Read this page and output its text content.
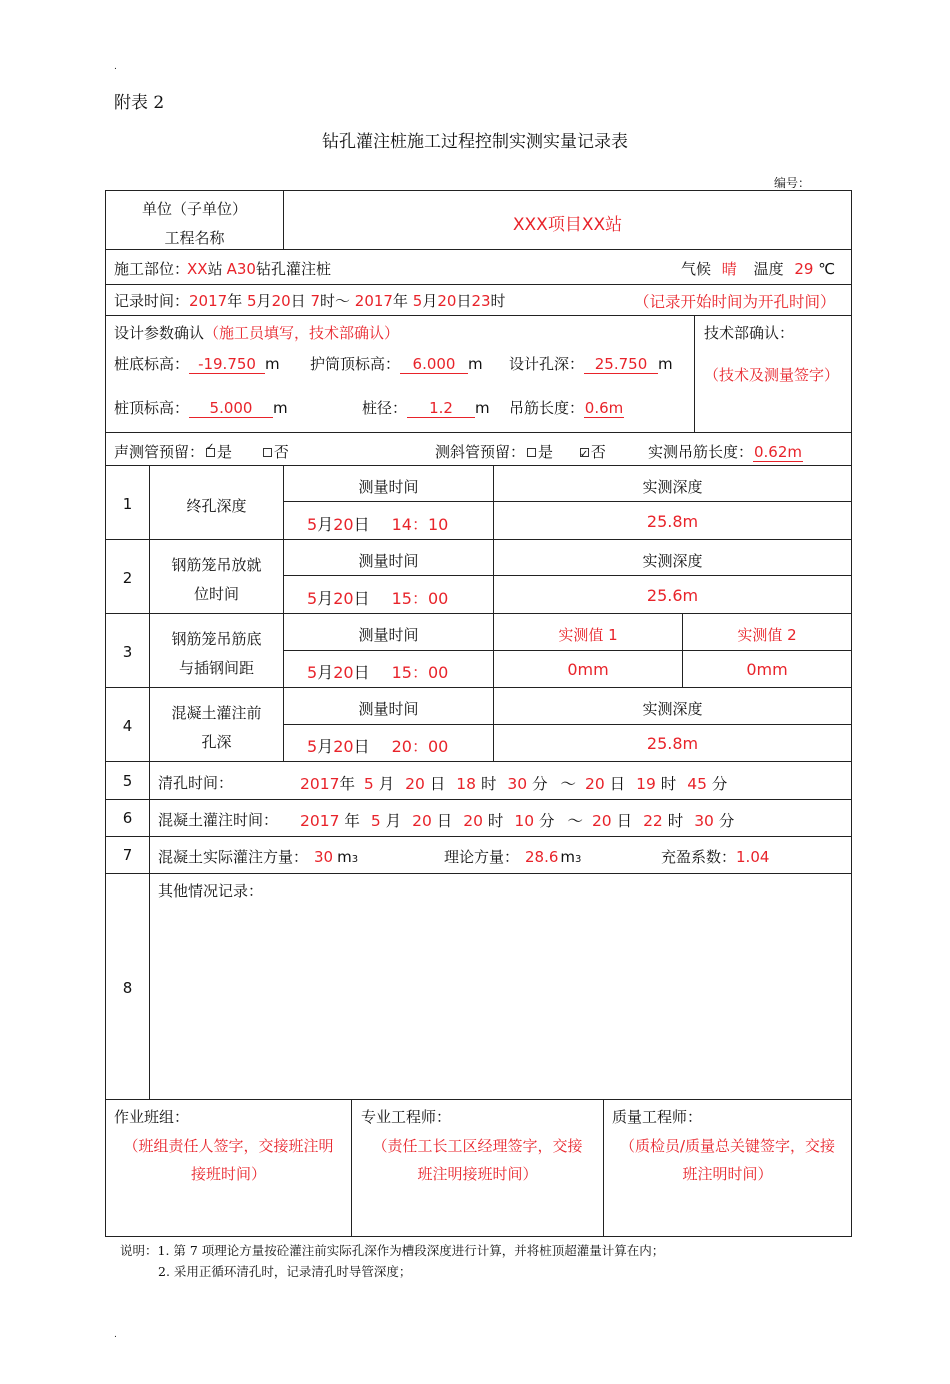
.
附表 2
钻孔灌注桩施工过程控制实测实量记录表
编号：
单位（子单位）
工程名称
XXX项目XX站
施工部位：XX站 A30钻孔灌注桩	气候 晴 温度 29 ℃
记录时间：2017年 5月20日 7时～ 2017年 5月20日23时	（记录开始时间为开孔时间）
设计参数确认（施工员填写，技术部确认）
桩底标高： -19.750 m 护筒顶标高： 6.000 m 设计孔深： 25.750 m
桩顶标高： 5.000 m	桩径： 1.2 m 吊筋长度：0.6m
技术部确认：
（技术及测量签字）
声测管预留： ✓ 是	否	测斜管预留： 是	✓ 否	实测吊筋长度：0.62m
1	终孔深度
测量时间	实测深度
5月20日 14：10	25.8m
2
钢筋笼吊放就
位时间
测量时间	实测深度
5月20日 15：00	25.6m
3
钢筋笼吊筋底
与插钢间距
测量时间	实测值 1	实测值 2
5月20日 15：00	0mm	0mm
4
混凝土灌注前
孔深
测量时间	实测深度
5月20日 20：00	25.8m
5	清孔时间：	2017年 5 月 20 日 18 时 30 分 ～ 20 日 19 时 45 分
6	混凝土灌注时间： 2017 年 5 月 20 日 20 时 10 分 ～ 20 日 22 时 30 分
7	混凝土实际灌注方量： 30 m3	理论方量： 28.6 m3	充盈系数：1.04
8
其他情况记录：
作业班组：
（班组责任人签字，交接班注明
接班时间）
专业工程师：
（责任工长工区经理签字，交接
班注明接班时间）
质量工程师：
（质检员/质量总关键签字，交接
班注明时间）
说明：1. 第 7 项理论方量按砼灌注前实际孔深作为槽段深度进行计算，并将桩顶超灌量计算在内；
2. 采用正循环清孔时，记录清孔时导管深度；
.
